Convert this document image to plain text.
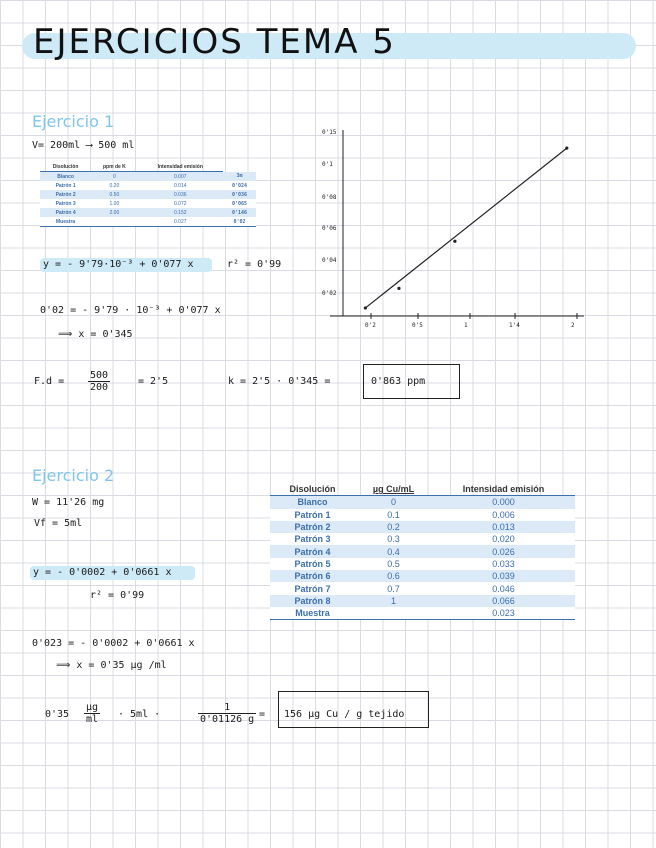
EJERCICIOS TEMA 5
Ejercicio 1
V= 200ml ⟶ 500 ml
Disolución	ppm de K	Intensidad emisión	
Blanco	0	0.007	3m
Patrón 1	0.20	0.014	0'024
Patrón 2	0.50	0.036	0'036
Patrón 3	1.00	0.072	0'065
Patrón 4	2.00	0.152	0'146
Muestra		0.027	0'02
y = - 9'79·10⁻³ + 0'077 x	r² = 0'99
0'02 = - 9'79 · 10⁻³ + 0'077 x
⟹ x = 0'345
$F.d = \frac{500}{200}$	= 2'5	k = 2'5 · 0'345 =	0'863 ppm
0'15
0'1
0'08
0'06
0'04
0'02
0'2	0'5	1	1'4	2
Ejercicio 2
W = 11'26 mg
Vf = 5ml
y = - 0'0002 + 0'0661 x
r² = 0'99
0'023 = - 0'0002 + 0'0661 x
⟹ x = 0'35 µg /ml
0'35
µg
ml · 5ml ·	$\frac{1}{0'01126 g} = 156$ µg Cu / g tejido
Disolución	µg Cu/mL	Intensidad emisión
Blanco	0	0.000
Patrón 1	0.1	0.006
Patrón 2	0.2	0.013
Patrón 3	0.3	0.020
Patrón 4	0.4	0.026
Patrón 5	0.5	0.033
Patrón 6	0.6	0.039
Patrón 7	0.7	0.046
Patrón 8	1	0.066
Muestra		0.023
